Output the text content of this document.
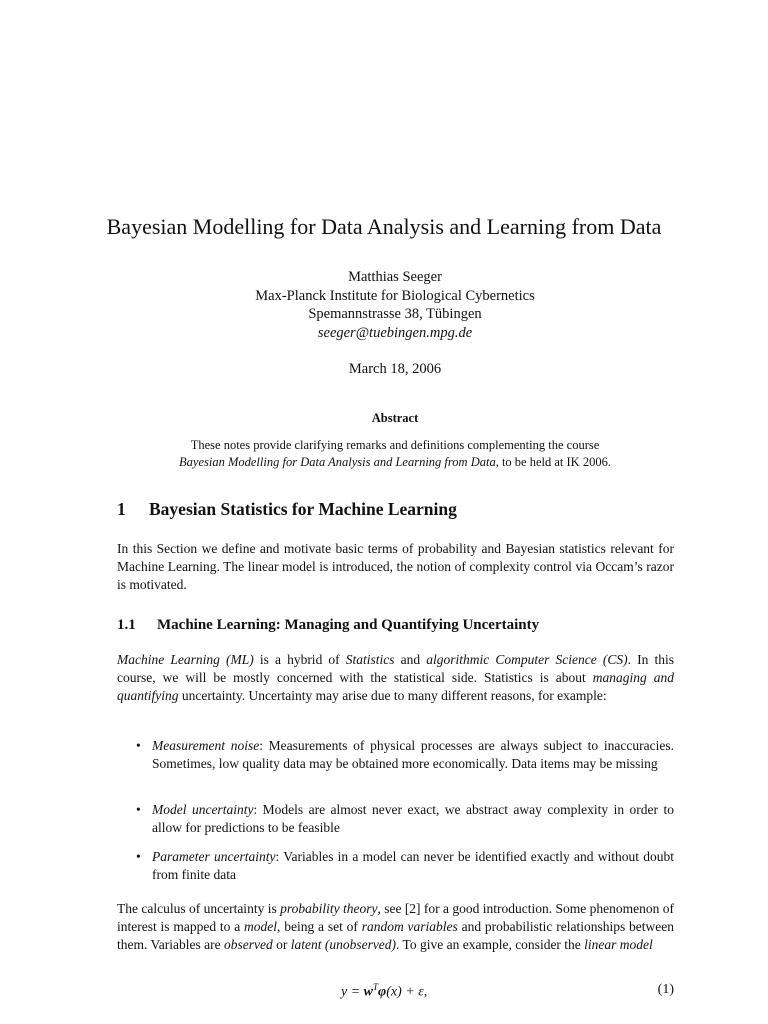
Bayesian Modelling for Data Analysis and Learning from Data
Matthias Seeger
Max-Planck Institute for Biological Cybernetics
Spemannstrasse 38, Tübingen
seeger@tuebingen.mpg.de
March 18, 2006
Abstract
These notes provide clarifying remarks and definitions complementing the course
Bayesian Modelling for Data Analysis and Learning from Data, to be held at IK 2006.
1 Bayesian Statistics for Machine Learning
In this Section we define and motivate basic terms of probability and Bayesian statistics relevant for Machine Learning. The linear model is introduced, the notion of complexity control via Occam’s razor is motivated.
1.1 Machine Learning: Managing and Quantifying Uncertainty
Machine Learning (ML) is a hybrid of Statistics and algorithmic Computer Science (CS). In this course, we will be mostly concerned with the statistical side. Statistics is about managing and quantifying uncertainty. Uncertainty may arise due to many different reasons, for example:
• Measurement noise: Measurements of physical processes are always subject to inaccuracies. Sometimes, low quality data may be obtained more economically. Data items may be missing
• Model uncertainty: Models are almost never exact, we abstract away complexity in order to allow for predictions to be feasible
• Parameter uncertainty: Variables in a model can never be identified exactly and without doubt from finite data
The calculus of uncertainty is probability theory, see [2] for a good introduction. Some phenomenon of interest is mapped to a model, being a set of random variables and probabilistic relationships between them. Variables are observed or latent (unobserved). To give an example, consider the linear model
$y = w^T\varphi(x) + \varepsilon$,	(1)
